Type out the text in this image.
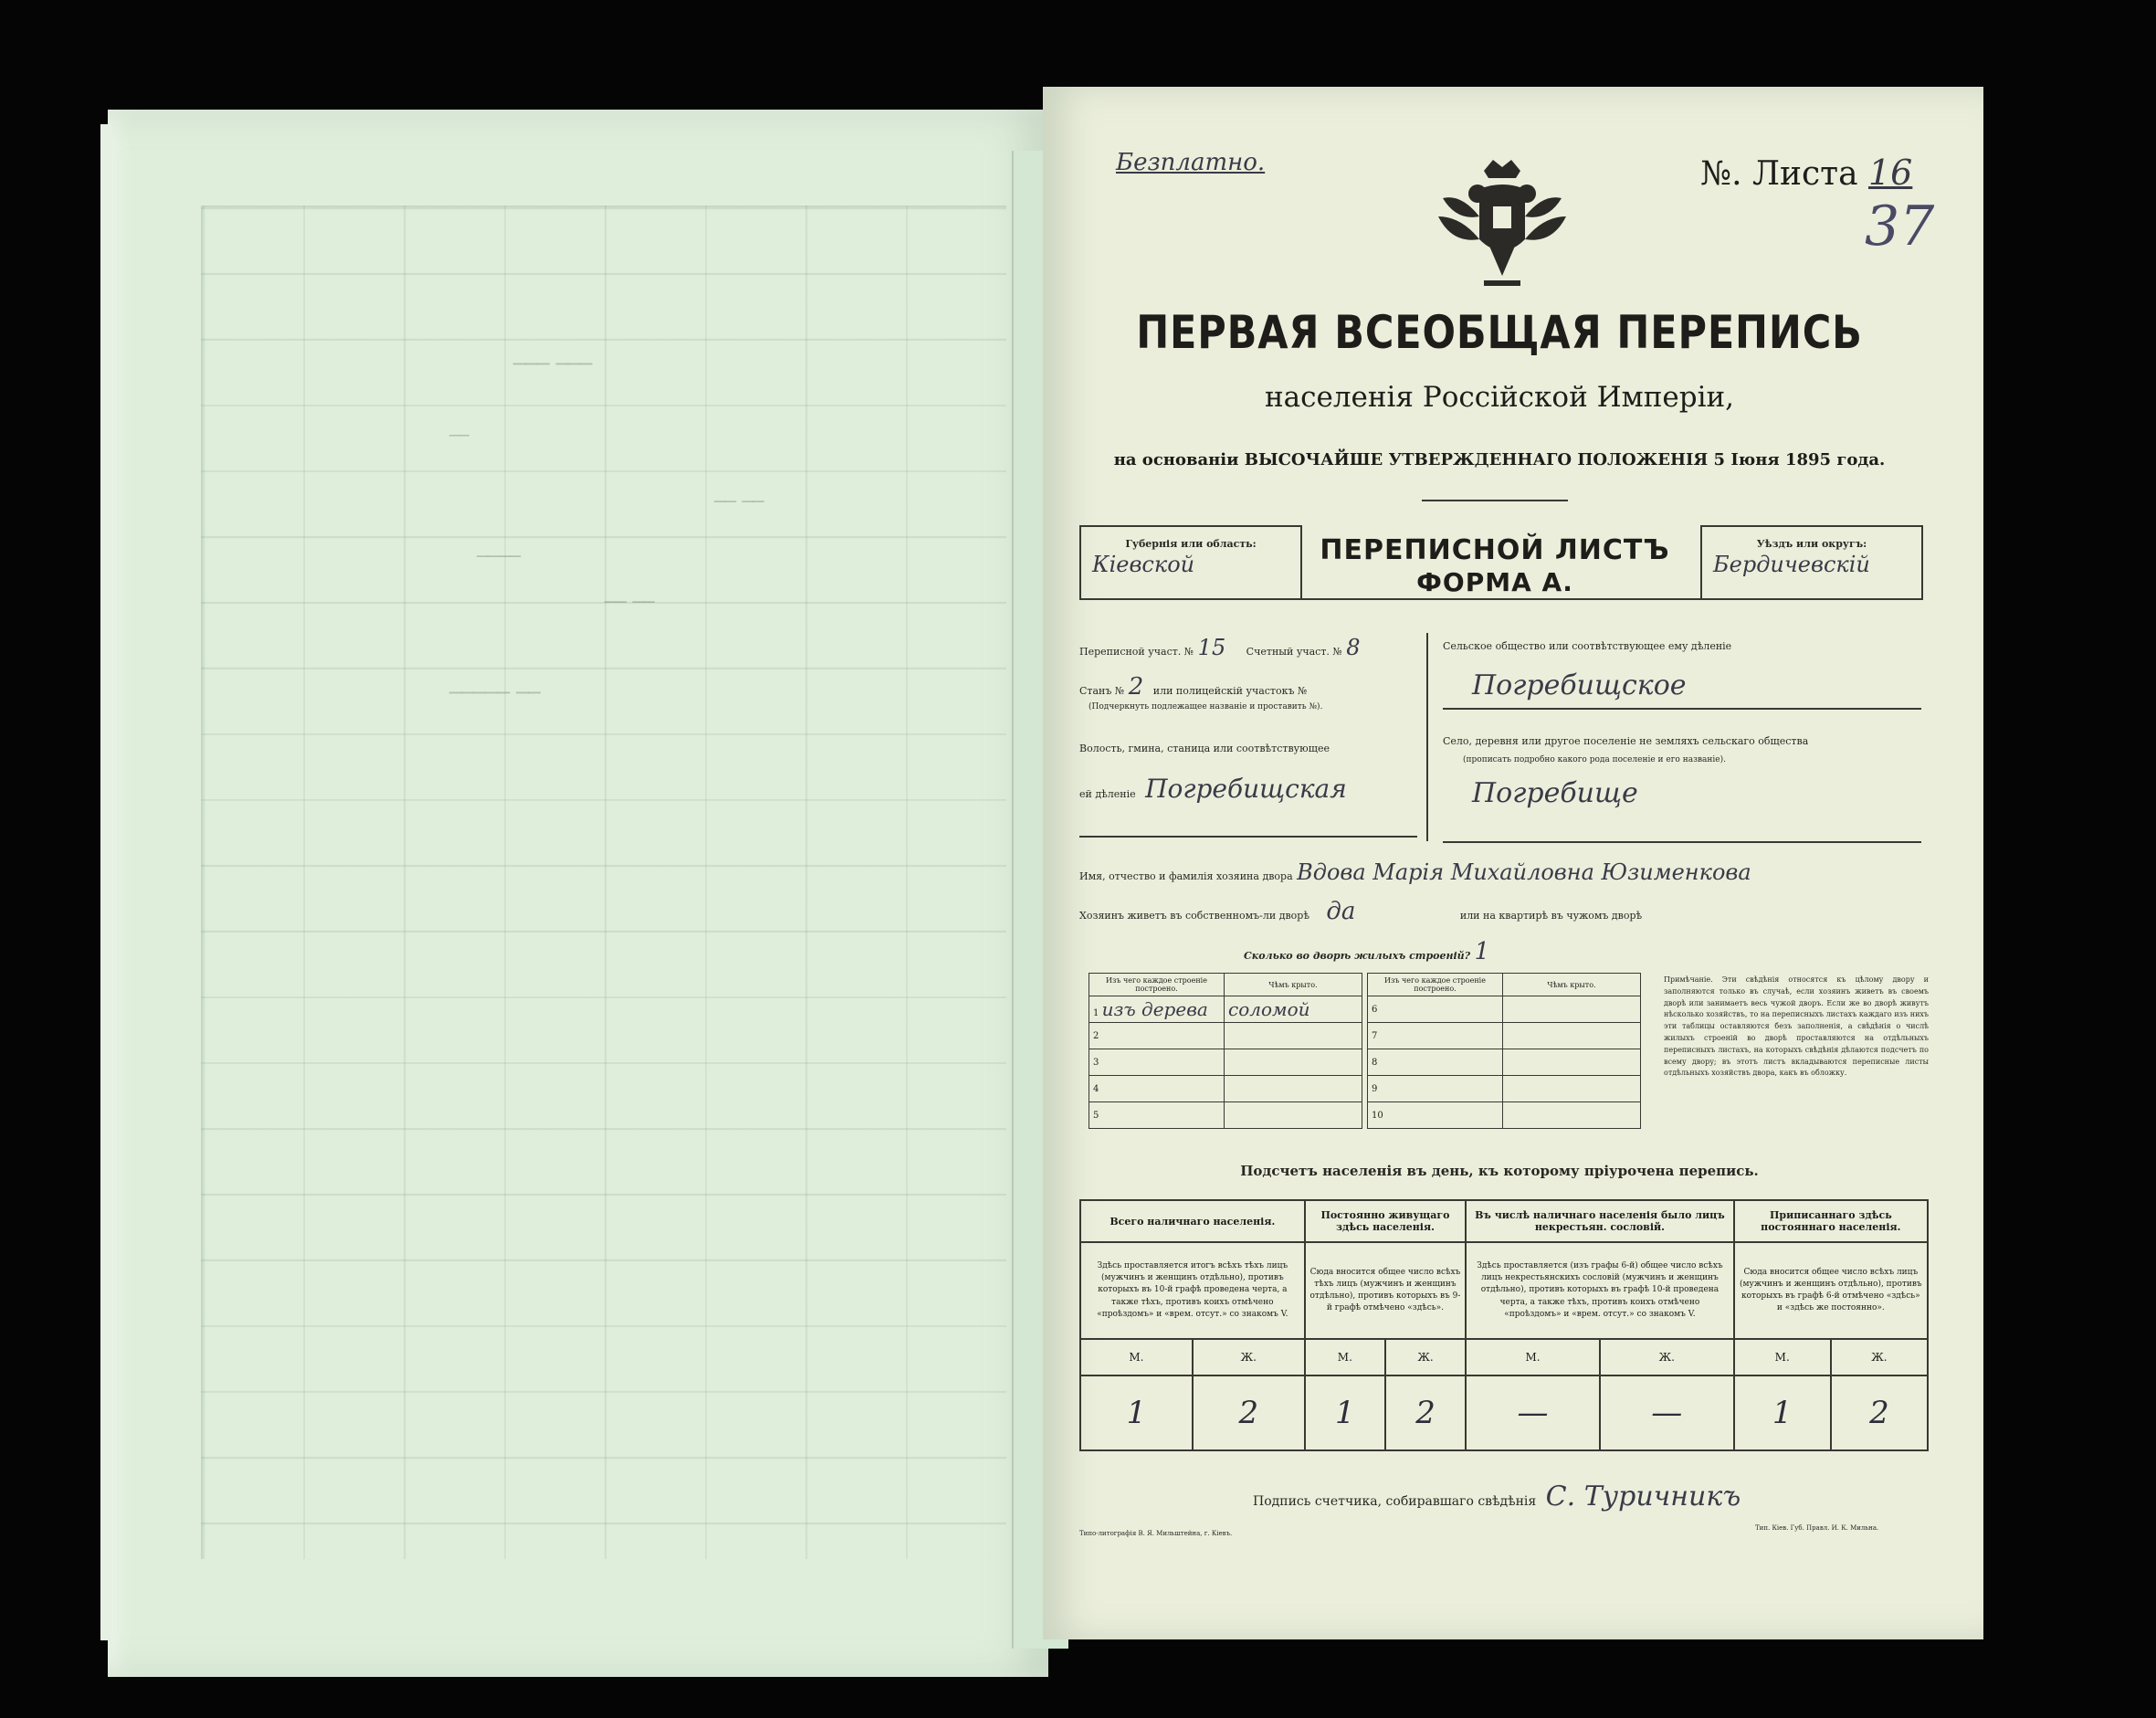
─── ───
──
── ──
────
── ──
───── ──
Безплатно.	№. Листа 16
37
ПЕРВАЯ ВСЕОБЩАЯ ПЕРЕПИСЬ
населенія Россійской Имперіи,
на основаніи ВЫСОЧАЙШЕ УТВЕРЖДЕННАГО ПОЛОЖЕНІЯ 5 Іюня 1895 года.
Губернія или область:
Кіевской	ПЕРЕПИСНОЙ ЛИСТЪ
ФОРМА А.
Уѣздъ или округъ:
Бердичевскій
Переписной участ. № 15 Счетный участ. № 8
Станъ № 2 или полицейскій участокъ №
(Подчеркнуть подлежащее названіе и проставить №).
Волость, гмина, станица или соотвѣтствующее
ей дѣленіе Погребищская
Сельское общество или соотвѣтствующее ему дѣленіе
Погребищское
Село, деревня или другое поселеніе не земляхъ сельскаго общества
(прописать подробно какого рода поселеніе и его названіе).
Погребище
Имя, отчество и фамилія хозяина двора Вдова Марія Михайловна Юзименкова
Хозяинъ живетъ въ собственномъ-ли дворѣ да	или на квартирѣ въ чужомъ дворѣ
Сколько во дворѣ жилыхъ строеній? 1
Изъ чего каждое строеніе построено.	Чѣмъ крыто.
1 изъ дерева	соломой
2	
3	
4	
5	
Изъ чего каждое строеніе построено.	Чѣмъ крыто.
6	
7	
8	
9	
10	
Примѣчаніе. Эти свѣдѣнія относятся къ цѣлому двору и заполняются только въ случаѣ, если хозяинъ живетъ въ своемъ дворѣ или занимаетъ весь чужой дворъ. Если же во дворѣ живутъ нѣсколько хозяйствъ, то на переписныхъ листахъ каждаго изъ нихъ эти таблицы оставляются безъ заполненія, а свѣдѣнія о числѣ жилыхъ строеній во дворѣ проставляются на отдѣльныхъ переписныхъ листахъ, на которыхъ свѣдѣнія дѣлаются подсчетъ по всему двору; въ этотъ листъ вкладываются переписные листы отдѣльныхъ хозяйствъ двора, какъ въ обложку.
Подсчетъ населенія въ день, къ которому пріурочена перепись.
Всего наличнаго населенія.		Постоянно живущаго здѣсь населенія.		Въ числѣ наличнаго населенія было лицъ некрестьян. сословій.		Приписаннаго здѣсь постояннаго населенія.	
Здѣсь проставляется итогъ всѣхъ тѣхъ лицъ (мужчинъ и женщинъ отдѣльно), противъ которыхъ въ 10-й графѣ проведена черта, а также тѣхъ, противъ коихъ отмѣчено «проѣздомъ» и «врем. отсут.» со знакомъ V.		Сюда вносится общее число всѣхъ тѣхъ лицъ (мужчинъ и женщинъ отдѣльно), противъ которыхъ въ 9-й графѣ отмѣчено «здѣсь».		Здѣсь проставляется (изъ графы 6-й) общее число всѣхъ лицъ некрестьянскихъ сословій (мужчинъ и женщинъ отдѣльно), противъ которыхъ въ графѣ 10-й проведена черта, а также тѣхъ, противъ коихъ отмѣчено «проѣздомъ» и «врем. отсут.» со знакомъ V.		Сюда вносится общее число всѣхъ лицъ (мужчинъ и женщинъ отдѣльно), противъ которыхъ въ графѣ 6-й отмѣчено «здѣсь» и «здѣсь же постоянно».	
М.	Ж.	М.	Ж.	М.	Ж.	М.	Ж.
1	2	1	2	—	—	1	2
Подпись счетчика, собиравшаго свѣдѣнія С. Туричникъ
Типо-литографія В. Я. Мильштейна, г. Кіевъ.
Тип. Кіев. Губ. Правл. И. К. Мильна.
